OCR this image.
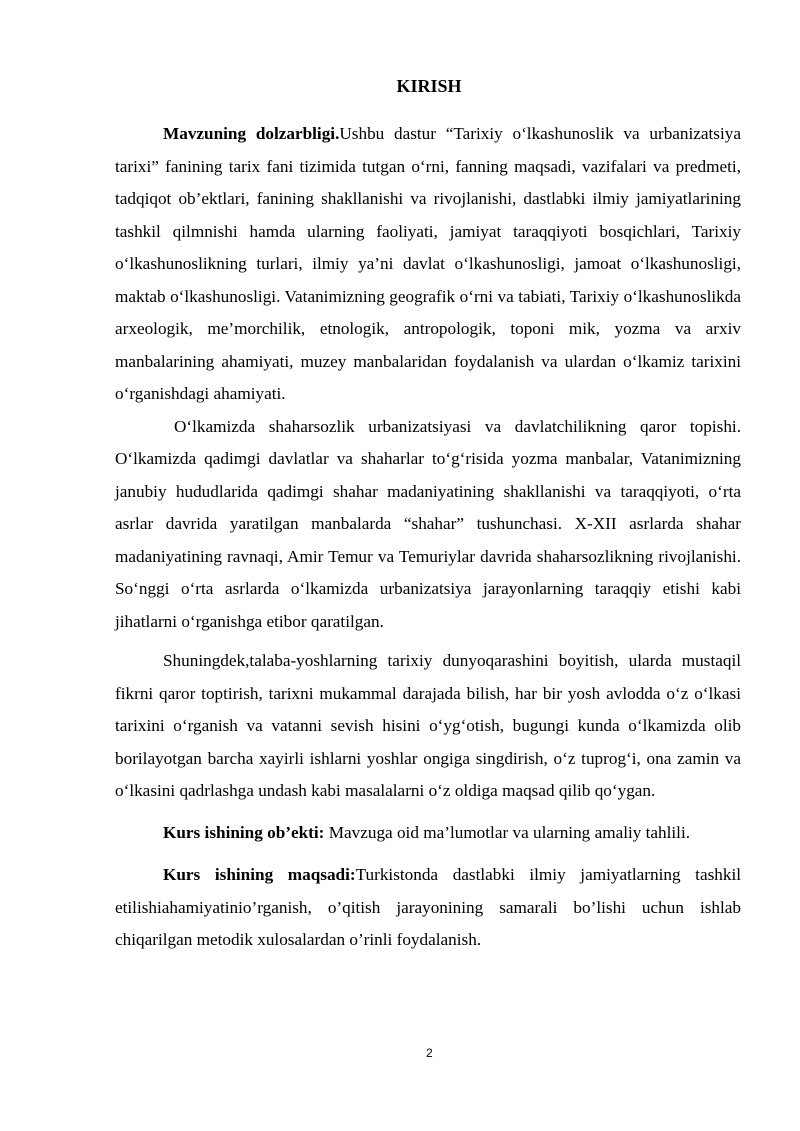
KIRISH

Mavzuning dolzarbligi.Ushbu dastur “Tarixiy o‘lkashunoslik va urbanizatsiya tarixi” fanining tarix fani tizimida tutgan o‘rni, fanning maqsadi, vazifalari va predmeti, tadqiqot ob’ektlari, fanining shakllanishi va rivojlanishi, dastlabki ilmiy jamiyatlarining tashkil qilmnishi hamda ularning faoliyati, jamiyat taraqqiyoti bosqichlari, Tarixiy o‘lkashunoslikning turlari, ilmiy ya’ni davlat o‘lkashunosligi, jamoat o‘lkashunosligi, maktab o‘lkashunosligi. Vatanimizning geografik o‘rni va tabiati, Tarixiy o‘lkashunoslikda arxeologik, me’morchilik, etnologik, antropologik, toponi mik, yozma va arxiv manbalarining ahamiyati, muzey manbalaridan foydalanish va ulardan o‘lkamiz tarixini o‘rganishdagi ahamiyati.

O‘lkamizda shaharsozlik urbanizatsiyasi va davlatchilikning qaror topishi. O‘lkamizda qadimgi davlatlar va shaharlar to‘g‘risida yozma manbalar, Vatanimizning janubiy hududlarida qadimgi shahar madaniyatining shakllanishi va taraqqiyoti, o‘rta asrlar davrida yaratilgan manbalarda “shahar” tushunchasi. X-XII asrlarda shahar madaniyatining ravnaqi, Amir Temur va Temuriylar davrida shaharsozlikning rivojlanishi. So‘nggi o‘rta asrlarda o‘lkamizda urbanizatsiya jarayonlarning taraqqiy etishi kabi jihatlarni o‘rganishga etibor qaratilgan.

Shuningdek,talaba-yoshlarning tarixiy dunyoqarashini boyitish, ularda mustaqil fikrni qaror toptirish, tarixni mukammal darajada bilish, har bir yosh avlodda o‘z o‘lkasi tarixini o‘rganish va vatanni sevish hisini o‘yg‘otish, bugungi kunda o‘lkamizda olib borilayotgan barcha xayirli ishlarni yoshlar ongiga singdirish, o‘z tuprog‘i, ona zamin va o‘lkasini qadrlashga undash kabi masalalarni o‘z oldiga maqsad qilib qo‘ygan.

Kurs ishining ob’ekti: Mavzuga oid ma’lumotlar va ularning amaliy tahlili.

Kurs ishining maqsadi:Turkistonda dastlabki ilmiy jamiyatlarning tashkil etilishiahamiyatinio’rganish, o’qitish jarayonining samarali bo’lishi uchun ishlab chiqarilgan metodik xulosalardan o’rinli foydalanish.

2
